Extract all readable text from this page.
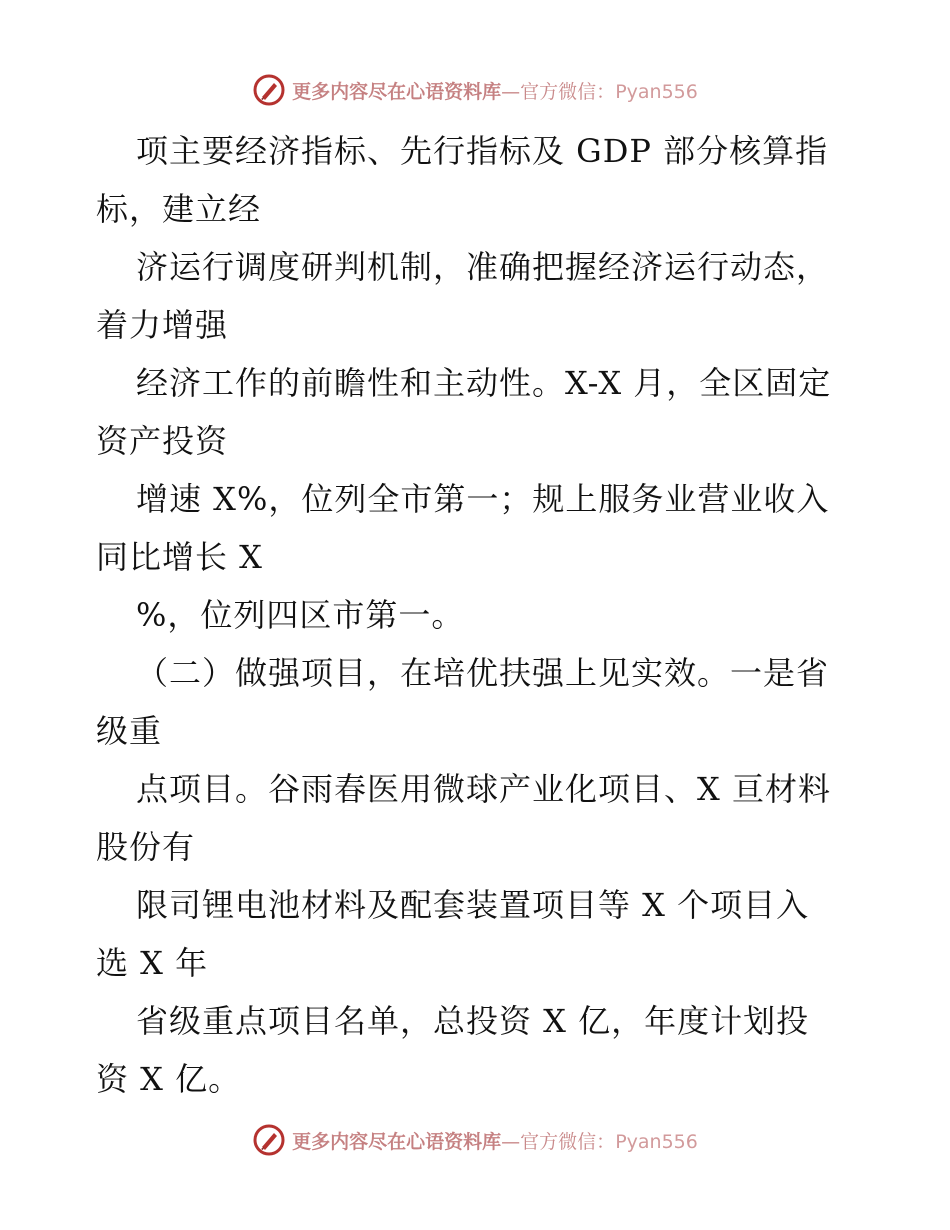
更多内容尽在心语资料库—官方微信：Pyan556
项主要经济指标、先行指标及 GDP 部分核算指
标，建立经
济运行调度研判机制，准确把握经济运行动态，
着力增强
经济工作的前瞻性和主动性。X-X 月，全区固定
资产投资
增速 X%，位列全市第一；规上服务业营业收入
同比增长 X
%，位列四区市第一。
（二）做强项目，在培优扶强上见实效。一是省
级重
点项目。谷雨春医用微球产业化项目、X 亘材料
股份有
限司锂电池材料及配套装置项目等 X 个项目入
选 X 年
省级重点项目名单，总投资 X 亿，年度计划投
资 X 亿。
更多内容尽在心语资料库—官方微信：Pyan556
